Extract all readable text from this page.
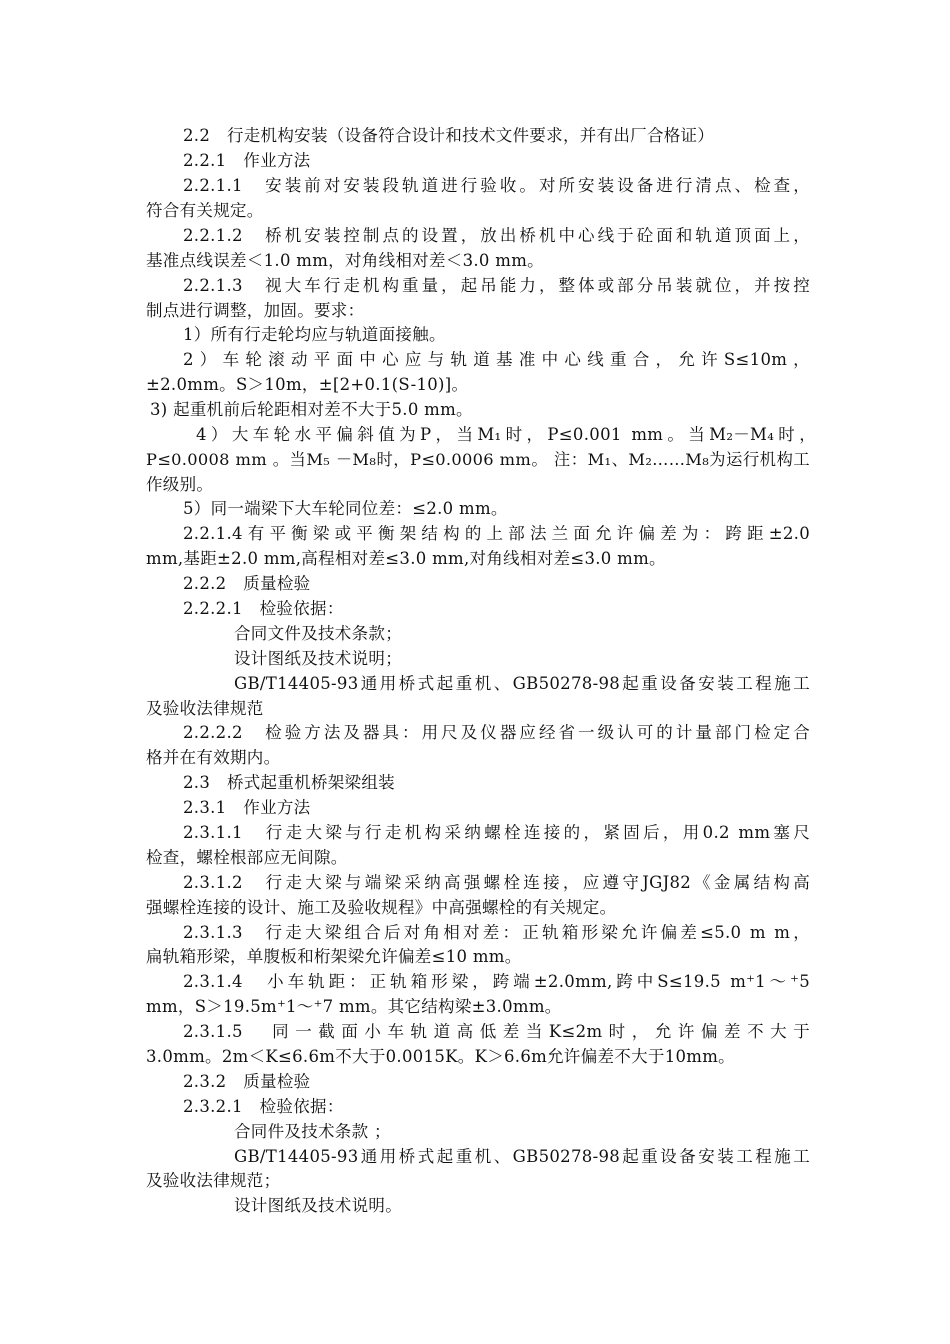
2.2　行走机构安装（设备符合设计和技术文件要求，并有出厂合格证）
2.2.1　作业方法
2.2.1.1　安装前对安装段轨道进行验收。对所安装设备进行清点、检查，
符合有关规定。
2.2.1.2　桥机安装控制点的设置，放出桥机中心线于砼面和轨道顶面上，
基准点线误差＜1.0 mm，对角线相对差＜3.0 mm。
2.2.1.3　视大车行走机构重量，起吊能力，整体或部分吊装就位，并按控
制点进行调整，加固。要求：
1）所有行走轮均应与轨道面接触。
2）车轮滚动平面中心应与轨道基准中心线重合，允许S≤10m，
±2.0mm。S＞10m，±[2+0.1(S-10)]。
3) 起重机前后轮距相对差不大于5.0 mm。
4）大车轮水平偏斜值为P，当M₁时，P≤0.001 mm。当M₂－M₄时，
P≤0.0008 mm 。当M₅ －M₈时，P≤0.0006 mm。 注：M₁、M₂……M₈为运行机构工
作级别。
5）同一端梁下大车轮同位差：≤2.0 mm。
2.2.1.4有平衡梁或平衡架结构的上部法兰面允许偏差为：跨距±2.0
mm,基距±2.0 mm,高程相对差≤3.0 mm,对角线相对差≤3.0 mm。
2.2.2　质量检验
2.2.2.1　检验依据：
合同文件及技术条款；
设计图纸及技术说明；
GB/T14405-93通用桥式起重机、GB50278-98起重设备安装工程施工
及验收法律规范
2.2.2.2　检验方法及器具：用尺及仪器应经省一级认可的计量部门检定合
格并在有效期内。
2.3　桥式起重机桥架梁组装
2.3.1　作业方法
2.3.1.1　行走大梁与行走机构采纳螺栓连接的，紧固后，用0.2 mm塞尺
检查，螺栓根部应无间隙。
2.3.1.2　行走大梁与端梁采纳高强螺栓连接，应遵守JGJ82《金属结构高
强螺栓连接的设计、施工及验收规程》中高强螺栓的有关规定。
2.3.1.3　行走大梁组合后对角相对差：正轨箱形梁允许偏差≤5.0 m m，
扁轨箱形梁，单腹板和桁架梁允许偏差≤10 mm。
2.3.1.4　小车轨距：正轨箱形梁，跨端±2.0mm,跨中S≤19.5 m⁺1～⁺5
mm，S＞19.5m⁺1～⁺7 mm。其它结构梁±3.0mm。
2.3.1.5　同一截面小车轨道高低差当K≤2m时，允许偏差不大于
3.0mm。2m＜K≤6.6m不大于0.0015K。K＞6.6m允许偏差不大于10mm。
2.3.2　质量检验
2.3.2.1　检验依据：
合同件及技术条款 ；
GB/T14405-93通用桥式起重机、GB50278-98起重设备安装工程施工
及验收法律规范；
设计图纸及技术说明。
